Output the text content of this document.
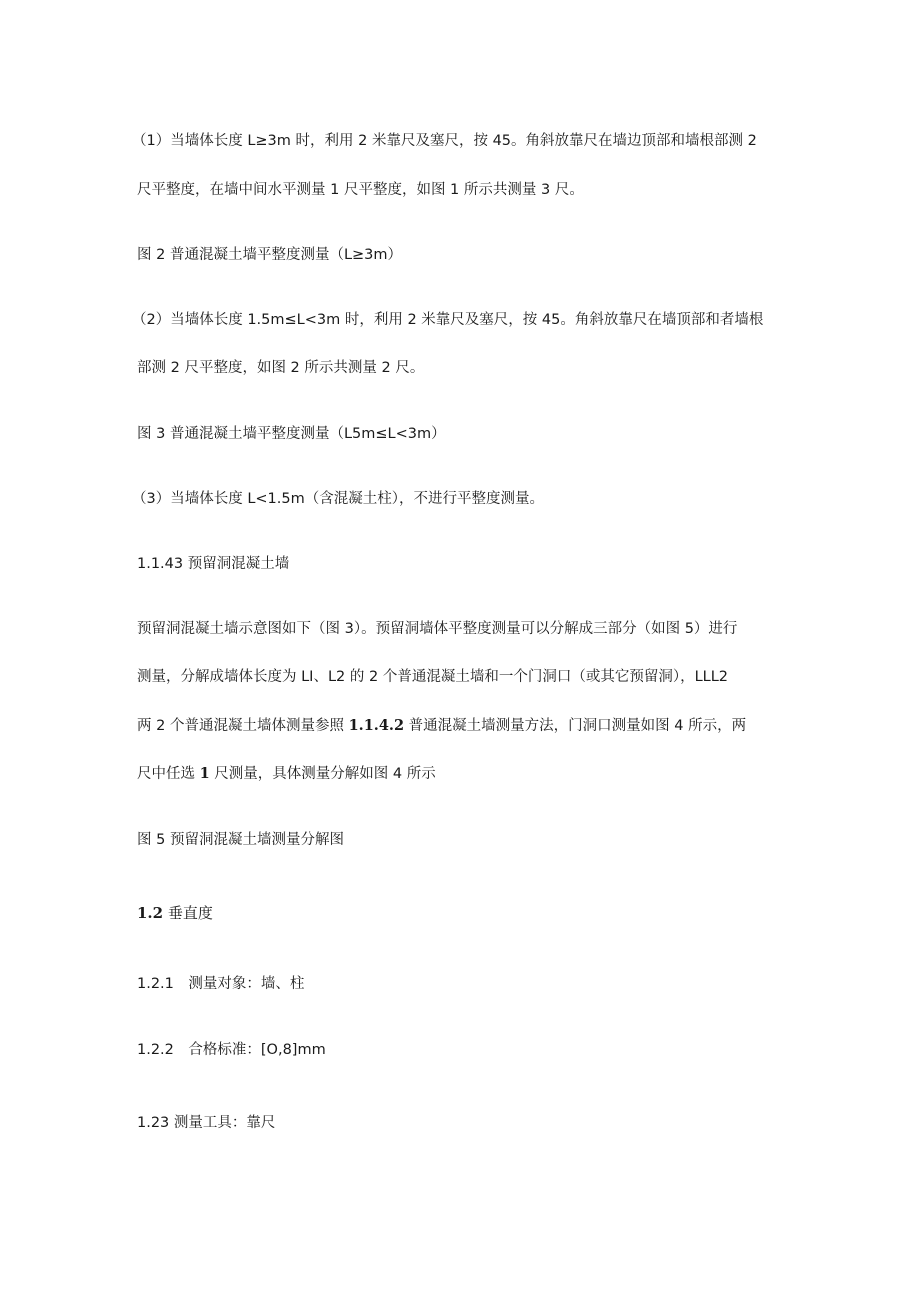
（1）当墙体长度 L≥3m 时，利用 2 米靠尺及塞尺，按 45。角斜放靠尺在墙边顶部和墙根部测 2
尺平整度，在墙中间水平测量 1 尺平整度，如图 1 所示共测量 3 尺。
图 2 普通混凝土墙平整度测量（L≥3m）
（2）当墙体长度 1.5m≤L<3m 时，利用 2 米靠尺及塞尺，按 45。角斜放靠尺在墙顶部和者墙根
部测 2 尺平整度，如图 2 所示共测量 2 尺。
图 3 普通混凝土墙平整度测量（L5m≤L<3m）
（3）当墙体长度 L<1.5m（含混凝土柱），不进行平整度测量。
1.1.43 预留洞混凝土墙
预留洞混凝土墙示意图如下（图 3）。预留洞墙体平整度测量可以分解成三部分（如图 5）进行
测量，分解成墙体长度为 LI、L2 的 2 个普通混凝土墙和一个门洞口（或其它预留洞），LLL2
两 2 个普通混凝土墙体测量参照 1.1.4.2 普通混凝土墙测量方法，门洞口测量如图 4 所示，两
尺中任选 1 尺测量，具体测量分解如图 4 所示
图 5 预留洞混凝土墙测量分解图
1.2 垂直度
1.2.1　测量对象：墙、柱
1.2.2　合格标准：[O,8]mm
1.23 测量工具：靠尺
